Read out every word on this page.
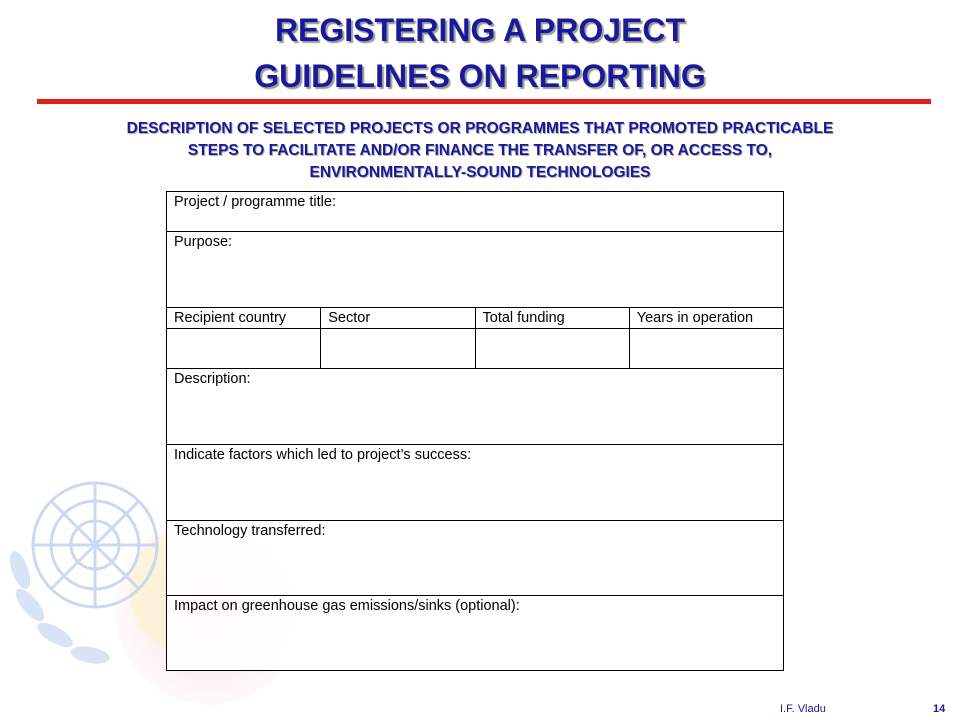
REGISTERING A PROJECT
GUIDELINES ON REPORTING
DESCRIPTION OF SELECTED PROJECTS OR PROGRAMMES THAT PROMOTED PRACTICABLE
STEPS TO FACILITATE AND/OR FINANCE THE TRANSFER OF, OR ACCESS TO,
ENVIRONMENTALLY-SOUND TECHNOLOGIES
Project / programme title:			
Purpose:			
Recipient country	Sector	Total funding	Years in operation

Description:			
Indicate factors which led to project’s success:			
Technology transferred:			
Impact on greenhouse gas emissions/sinks (optional):			
I.F. Vladu	14
